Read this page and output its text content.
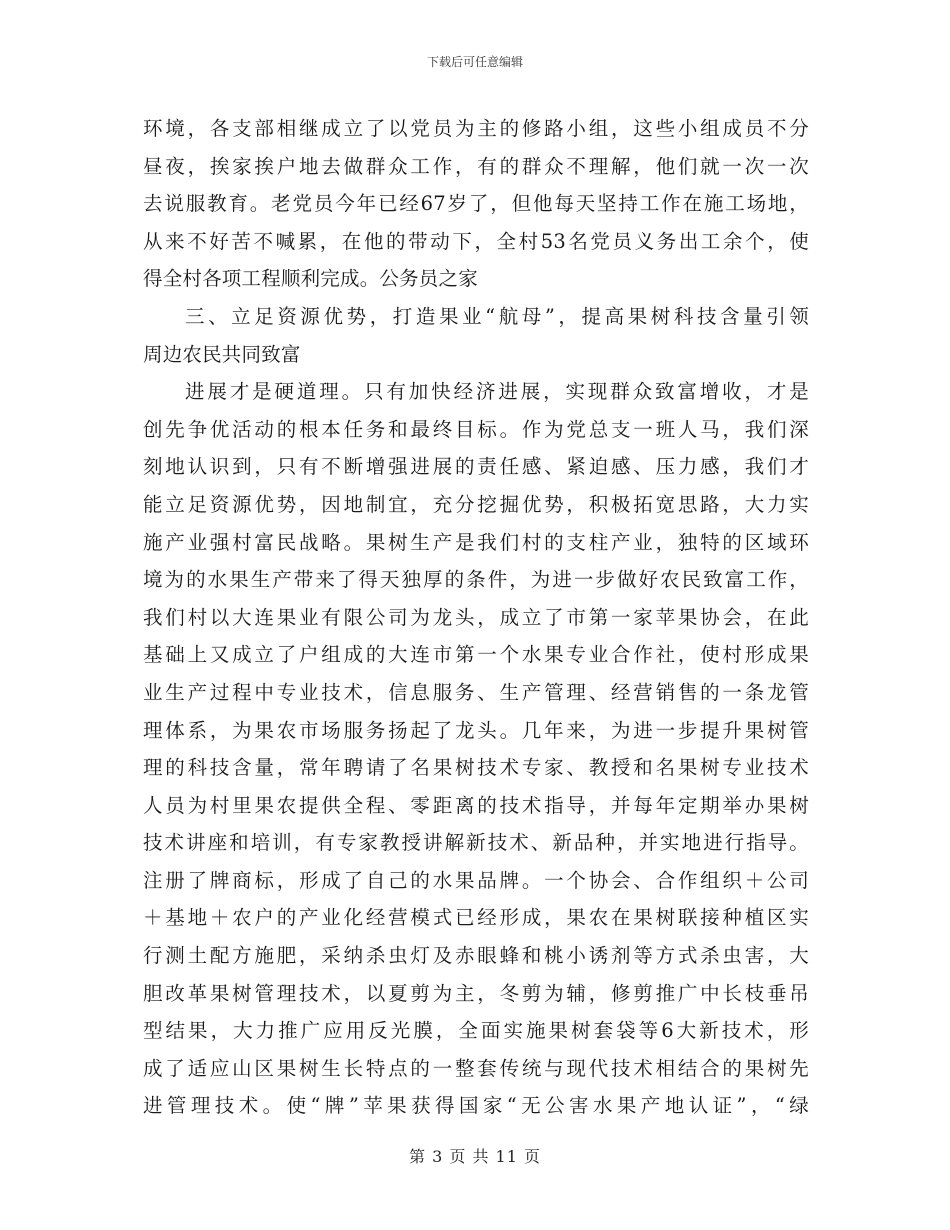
下载后可任意编辑
环境，各支部相继成立了以党员为主的修路小组，这些小组成员不分
昼夜，挨家挨户地去做群众工作，有的群众不理解，他们就一次一次
去说服教育。老党员今年已经67岁了，但他每天坚持工作在施工场地，
从来不好苦不喊累，在他的带动下，全村53名党员义务出工余个，使
得全村各项工程顺利完成。公务员之家
三、立足资源优势，打造果业“航母”，提高果树科技含量引领
周边农民共同致富
进展才是硬道理。只有加快经济进展，实现群众致富增收，才是
创先争优活动的根本任务和最终目标。作为党总支一班人马，我们深
刻地认识到，只有不断增强进展的责任感、紧迫感、压力感，我们才
能立足资源优势，因地制宜，充分挖掘优势，积极拓宽思路，大力实
施产业强村富民战略。果树生产是我们村的支柱产业，独特的区域环
境为的水果生产带来了得天独厚的条件，为进一步做好农民致富工作，
我们村以大连果业有限公司为龙头，成立了市第一家苹果协会，在此
基础上又成立了户组成的大连市第一个水果专业合作社，使村形成果
业生产过程中专业技术，信息服务、生产管理、经营销售的一条龙管
理体系，为果农市场服务扬起了龙头。几年来，为进一步提升果树管
理的科技含量，常年聘请了名果树技术专家、教授和名果树专业技术
人员为村里果农提供全程、零距离的技术指导，并每年定期举办果树
技术讲座和培训，有专家教授讲解新技术、新品种，并实地进行指导。
注册了牌商标，形成了自己的水果品牌。一个协会、合作组织＋公司
＋基地＋农户的产业化经营模式已经形成，果农在果树联接种植区实
行测土配方施肥，采纳杀虫灯及赤眼蜂和桃小诱剂等方式杀虫害，大
胆改革果树管理技术，以夏剪为主，冬剪为辅，修剪推广中长枝垂吊
型结果，大力推广应用反光膜，全面实施果树套袋等6大新技术，形
成了适应山区果树生长特点的一整套传统与现代技术相结合的果树先
进管理技术。使“牌”苹果获得国家“无公害水果产地认证”，“绿
第 3 页 共 11 页
